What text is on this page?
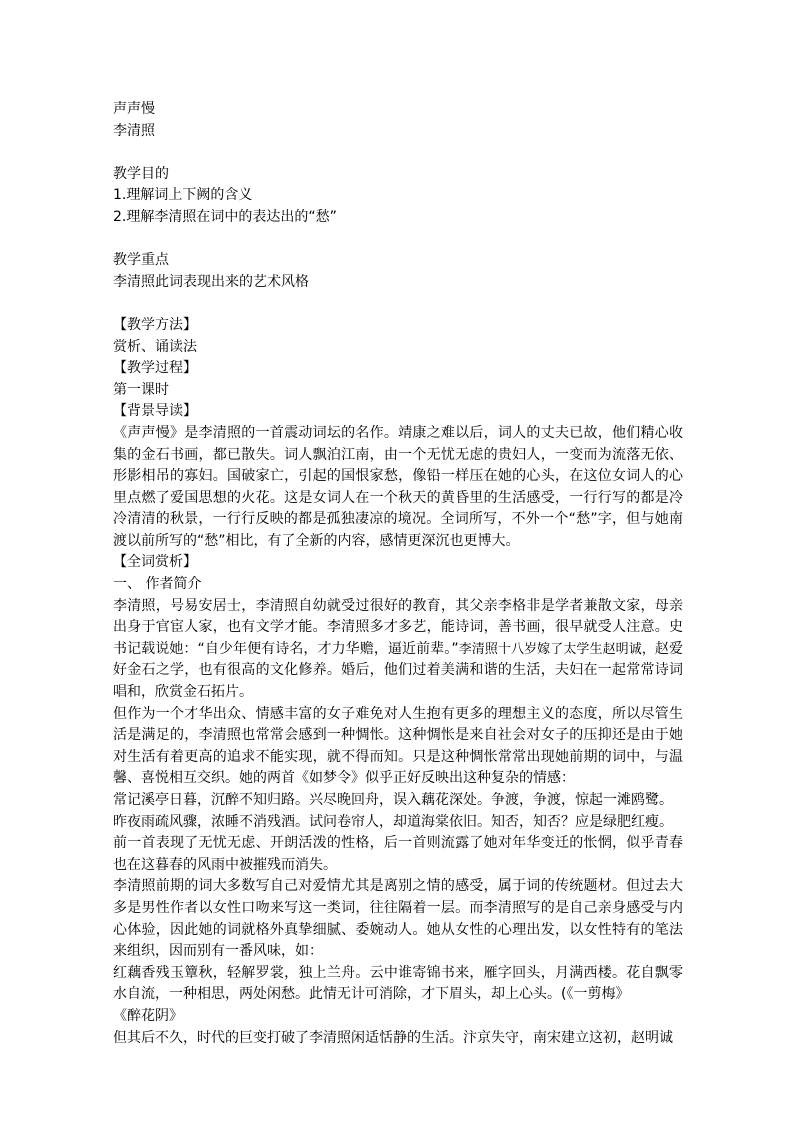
声声慢

李清照

教学目的

1.理解词上下阙的含义

2.理解李清照在词中的表达出的“愁”

教学重点

李清照此词表现出来的艺术风格

【教学方法】

赏析、诵读法

【教学过程】

第一课时

【背景导读】

《声声慢》是李清照的一首震动词坛的名作。靖康之难以后，词人的丈夫已故，他们精心收集的金石书画，都已散失。词人飘泊江南，由一个无忧无虑的贵妇人，一变而为流落无依、形影相吊的寡妇。国破家亡，引起的国恨家愁，像铅一样压在她的心头，在这位女词人的心里点燃了爱国思想的火花。这是女词人在一个秋天的黄昏里的生活感受，一行行写的都是冷冷清清的秋景，一行行反映的都是孤独凄凉的境况。全词所写，不外一个“愁”字，但与她南渡以前所写的“愁”相比，有了全新的内容，感情更深沉也更博大。

【全词赏析】

一、 作者简介

李清照，号易安居士，李清照自幼就受过很好的教育，其父亲李格非是学者兼散文家，母亲出身于官宦人家，也有文学才能。李清照多才多艺，能诗词，善书画，很早就受人注意。史书记载说她：“自少年便有诗名，才力华赡，逼近前辈。”李清照十八岁嫁了太学生赵明诚，赵爱好金石之学，也有很高的文化修养。婚后，他们过着美满和谐的生活，夫妇在一起常常诗词唱和，欣赏金石拓片。

但作为一个才华出众、情感丰富的女子难免对人生抱有更多的理想主义的态度，所以尽管生活是满足的，李清照也常常会感到一种惆怅。这种惆怅是来自社会对女子的压抑还是由于她对生活有着更高的追求不能实现，就不得而知。只是这种惆怅常常出现她前期的词中，与温馨、喜悦相互交织。她的两首《如梦令》似乎正好反映出这种复杂的情感：

常记溪亭日暮，沉醉不知归路。兴尽晚回舟，误入藕花深处。争渡，争渡，惊起一滩鸥鹭。

昨夜雨疏风骤，浓睡不消残酒。试问卷帘人，却道海棠依旧。知否，知否？应是绿肥红瘦。

前一首表现了无忧无虑、开朗活泼的性格，后一首则流露了她对年华变迁的怅惘，似乎青春也在这暮春的风雨中被摧残而消失。

李清照前期的词大多数写自己对爱情尤其是离别之情的感受，属于词的传统题材。但过去大多是男性作者以女性口吻来写这一类词，往往隔着一层。而李清照写的是自己亲身感受与内心体验，因此她的词就格外真挚细腻、委婉动人。她从女性的心理出发，以女性特有的笔法来组织，因而别有一番风味，如：

红藕香残玉簟秋，轻解罗裳，独上兰舟。云中谁寄锦书来，雁字回头，月满西楼。花自飘零水自流，一种相思，两处闲愁。此情无计可消除，才下眉头，却上心头。(《一剪梅》

《醉花阴》

但其后不久，时代的巨变打破了李清照闲适恬静的生活。汴京失守，南宋建立这初，赵明诚
